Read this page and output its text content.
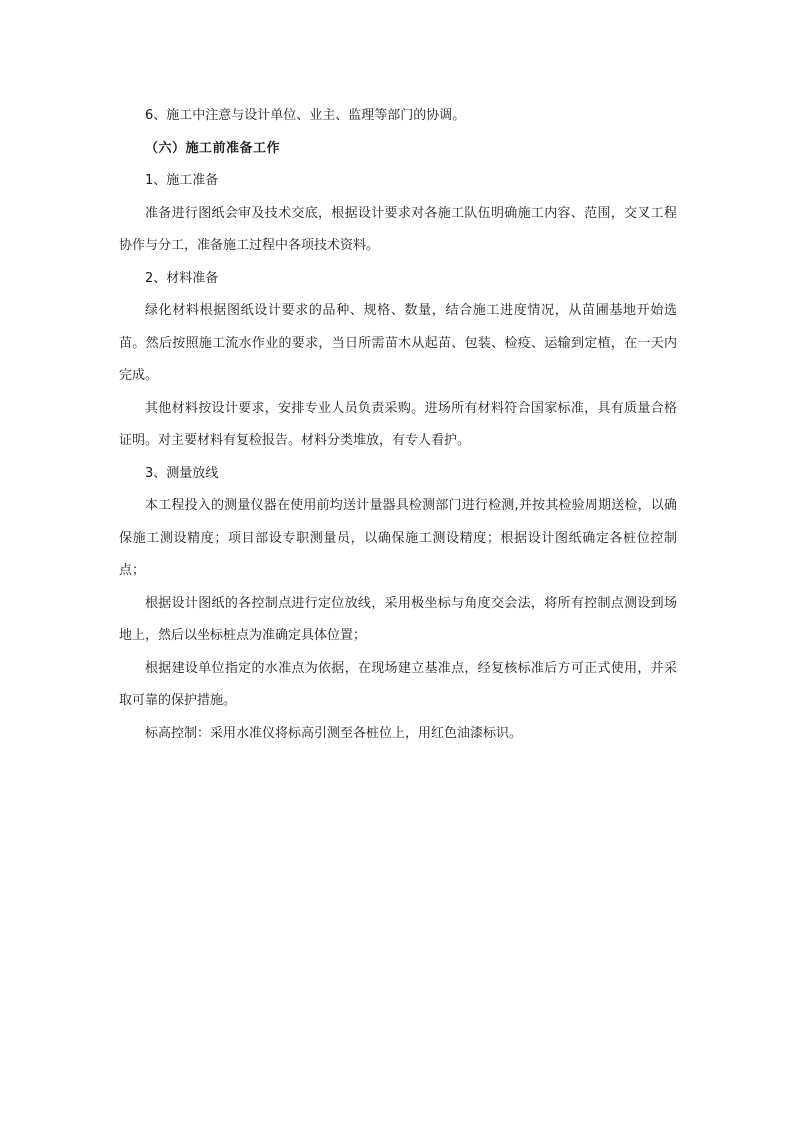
6、施工中注意与设计单位、业主、监理等部门的协调。

（六）施工前准备工作

1、施工准备

准备进行图纸会审及技术交底，根据设计要求对各施工队伍明确施工内容、范围，交叉工程协作与分工，准备施工过程中各项技术资料。

2、材料准备

绿化材料根据图纸设计要求的品种、规格、数量，结合施工进度情况，从苗圃基地开始选苗。然后按照施工流水作业的要求，当日所需苗木从起苗、包装、检疫、运输到定植，在一天内完成。

其他材料按设计要求，安排专业人员负责采购。进场所有材料符合国家标准，具有质量合格证明。对主要材料有复检报告。材料分类堆放，有专人看护。

3、测量放线

本工程投入的测量仪器在使用前均送计量器具检测部门进行检测,并按其检验周期送检，以确保施工测设精度；项目部设专职测量员，以确保施工测设精度；根据设计图纸确定各桩位控制点；

根据设计图纸的各控制点进行定位放线，采用极坐标与角度交会法，将所有控制点测设到场地上，然后以坐标桩点为准确定具体位置；

根据建设单位指定的水准点为依据，在现场建立基准点，经复核标准后方可正式使用，并采取可靠的保护措施。

标高控制：采用水准仪将标高引测至各桩位上，用红色油漆标识。
